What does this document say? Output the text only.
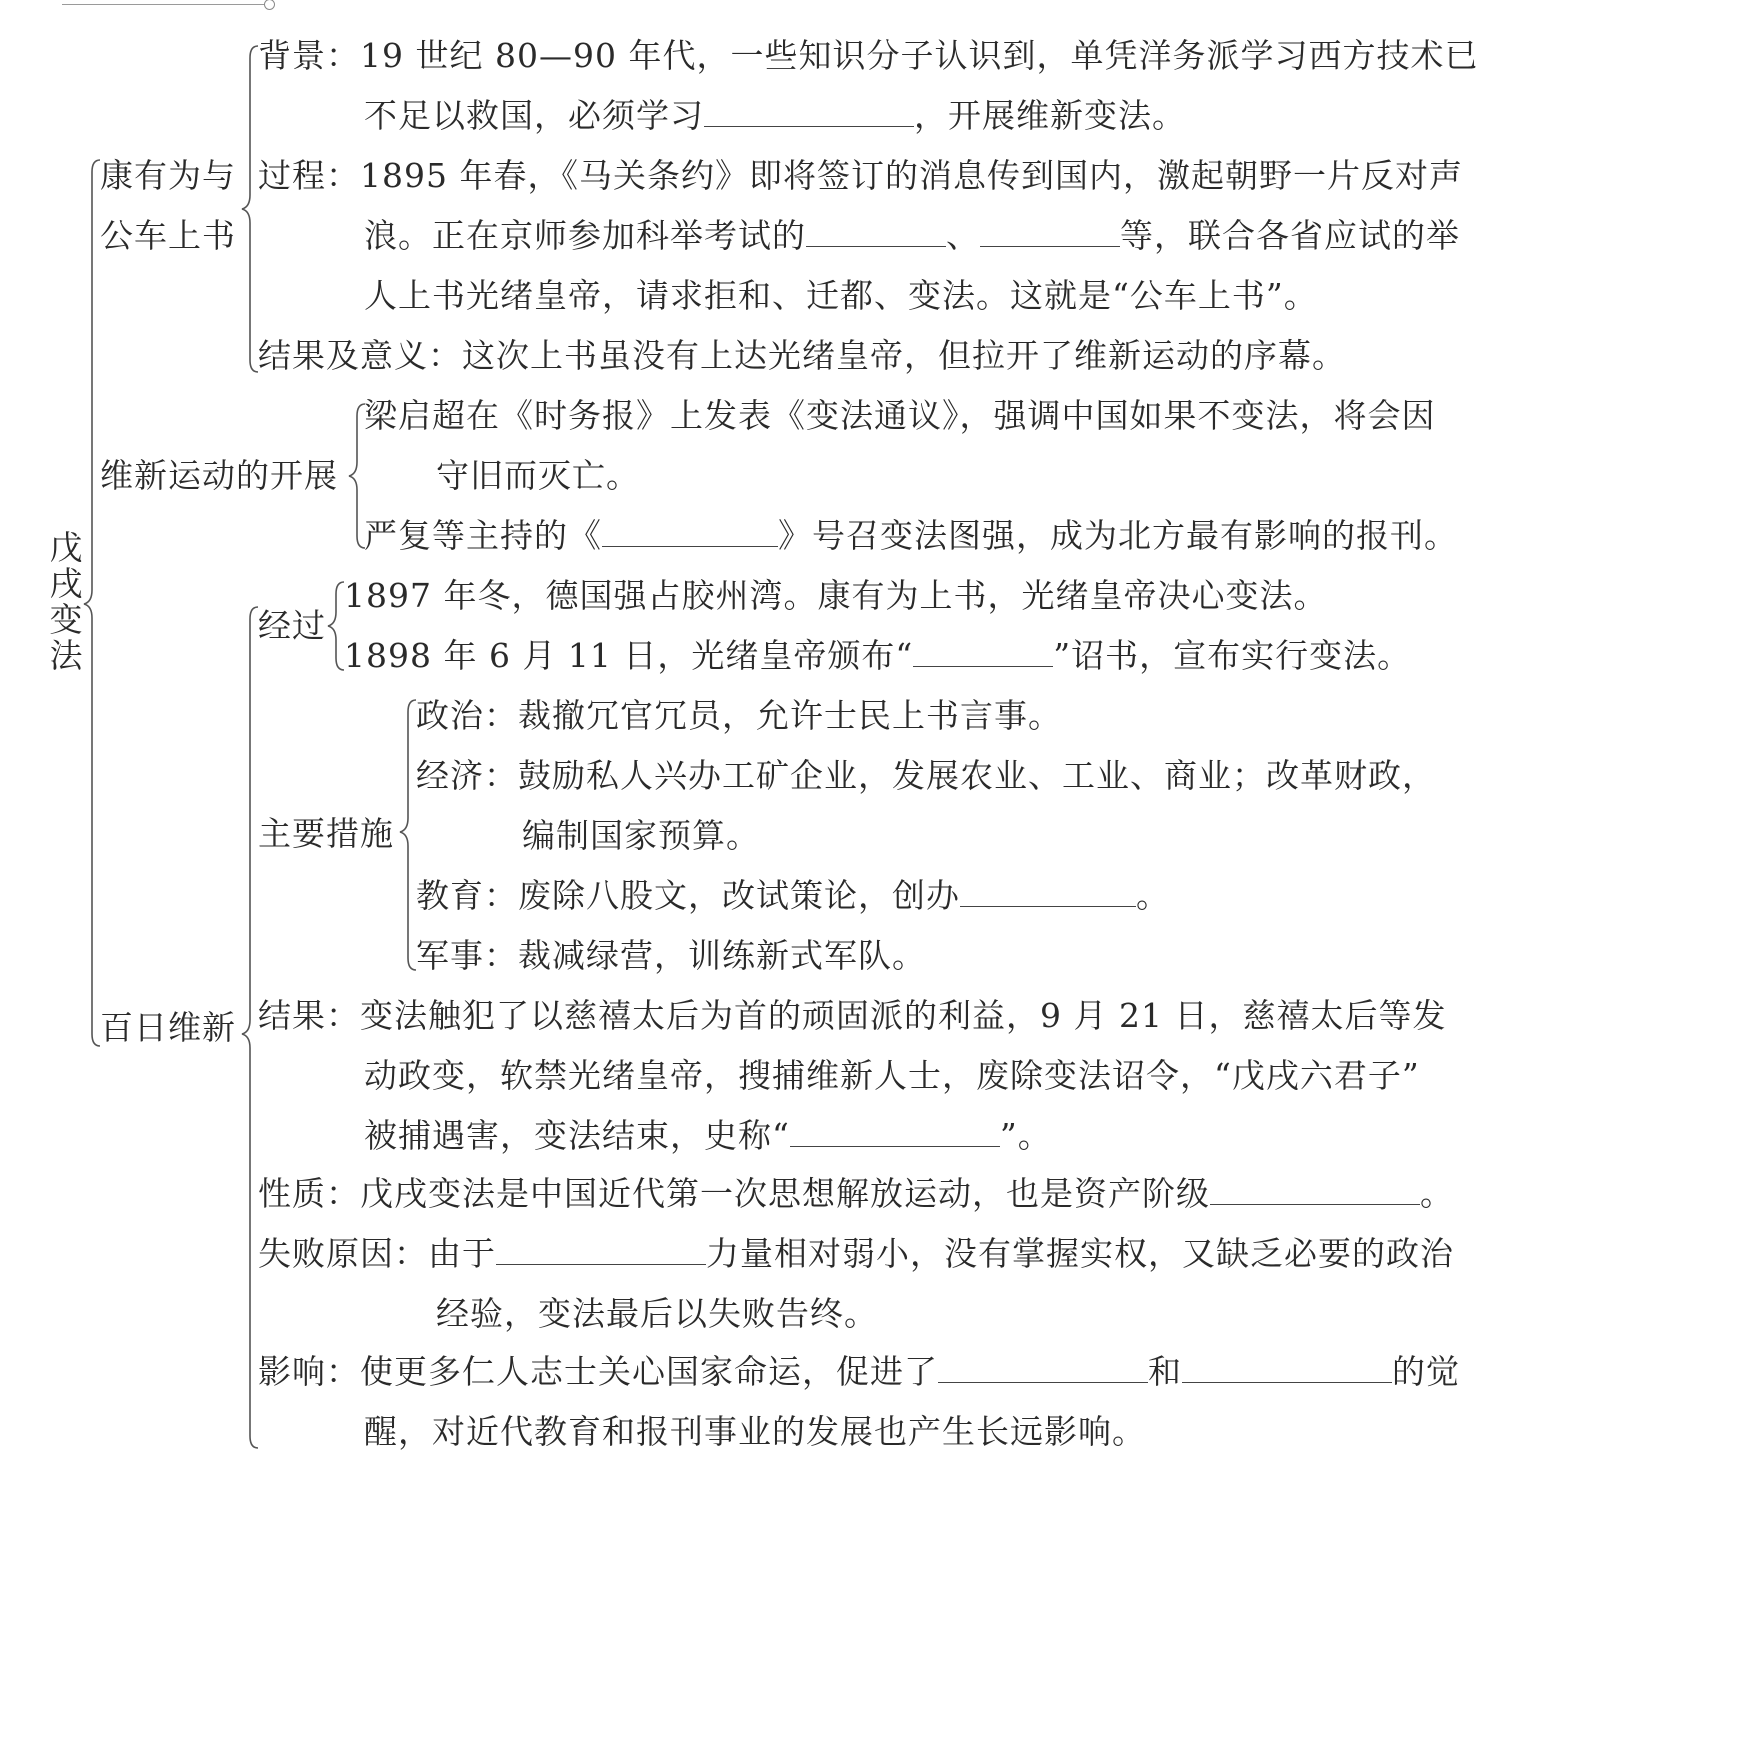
戊戌变法
康有为与
公车上书
背景：19 世纪 80—90 年代，一些知识分子认识到，单凭洋务派学习西方技术已
不足以救国，必须学习	，开展维新变法。
过程：1895 年春，《马关条约》即将签订的消息传到国内，激起朝野一片反对声
浪。正在京师参加科举考试的	、	等，联合各省应试的举
人上书光绪皇帝，请求拒和、迁都、变法。这就是“公车上书”。
结果及意义：这次上书虽没有上达光绪皇帝，但拉开了维新运动的序幕。
维新运动的开展
梁启超在《时务报》上发表《变法通议》，强调中国如果不变法，将会因
守旧而灭亡。
严复等主持的《	》号召变法图强，成为北方最有影响的报刊。
百日维新
经过
1897 年冬，德国强占胶州湾。康有为上书，光绪皇帝决心变法。
1898 年 6 月 11 日，光绪皇帝颁布“	”诏书，宣布实行变法。
主要措施
政治：裁撤冗官冗员，允许士民上书言事。
经济：鼓励私人兴办工矿企业，发展农业、工业、商业；改革财政，
编制国家预算。
教育：废除八股文，改试策论，创办	。
军事：裁减绿营，训练新式军队。
结果：变法触犯了以慈禧太后为首的顽固派的利益，9 月 21 日，慈禧太后等发
动政变，软禁光绪皇帝，搜捕维新人士，废除变法诏令，“戊戌六君子”
被捕遇害，变法结束，史称“	”。
性质：戊戌变法是中国近代第一次思想解放运动，也是资产阶级	。
失败原因：由于	力量相对弱小，没有掌握实权，又缺乏必要的政治
经验，变法最后以失败告终。
影响：使更多仁人志士关心国家命运，促进了	和	的觉
醒，对近代教育和报刊事业的发展也产生长远影响。
